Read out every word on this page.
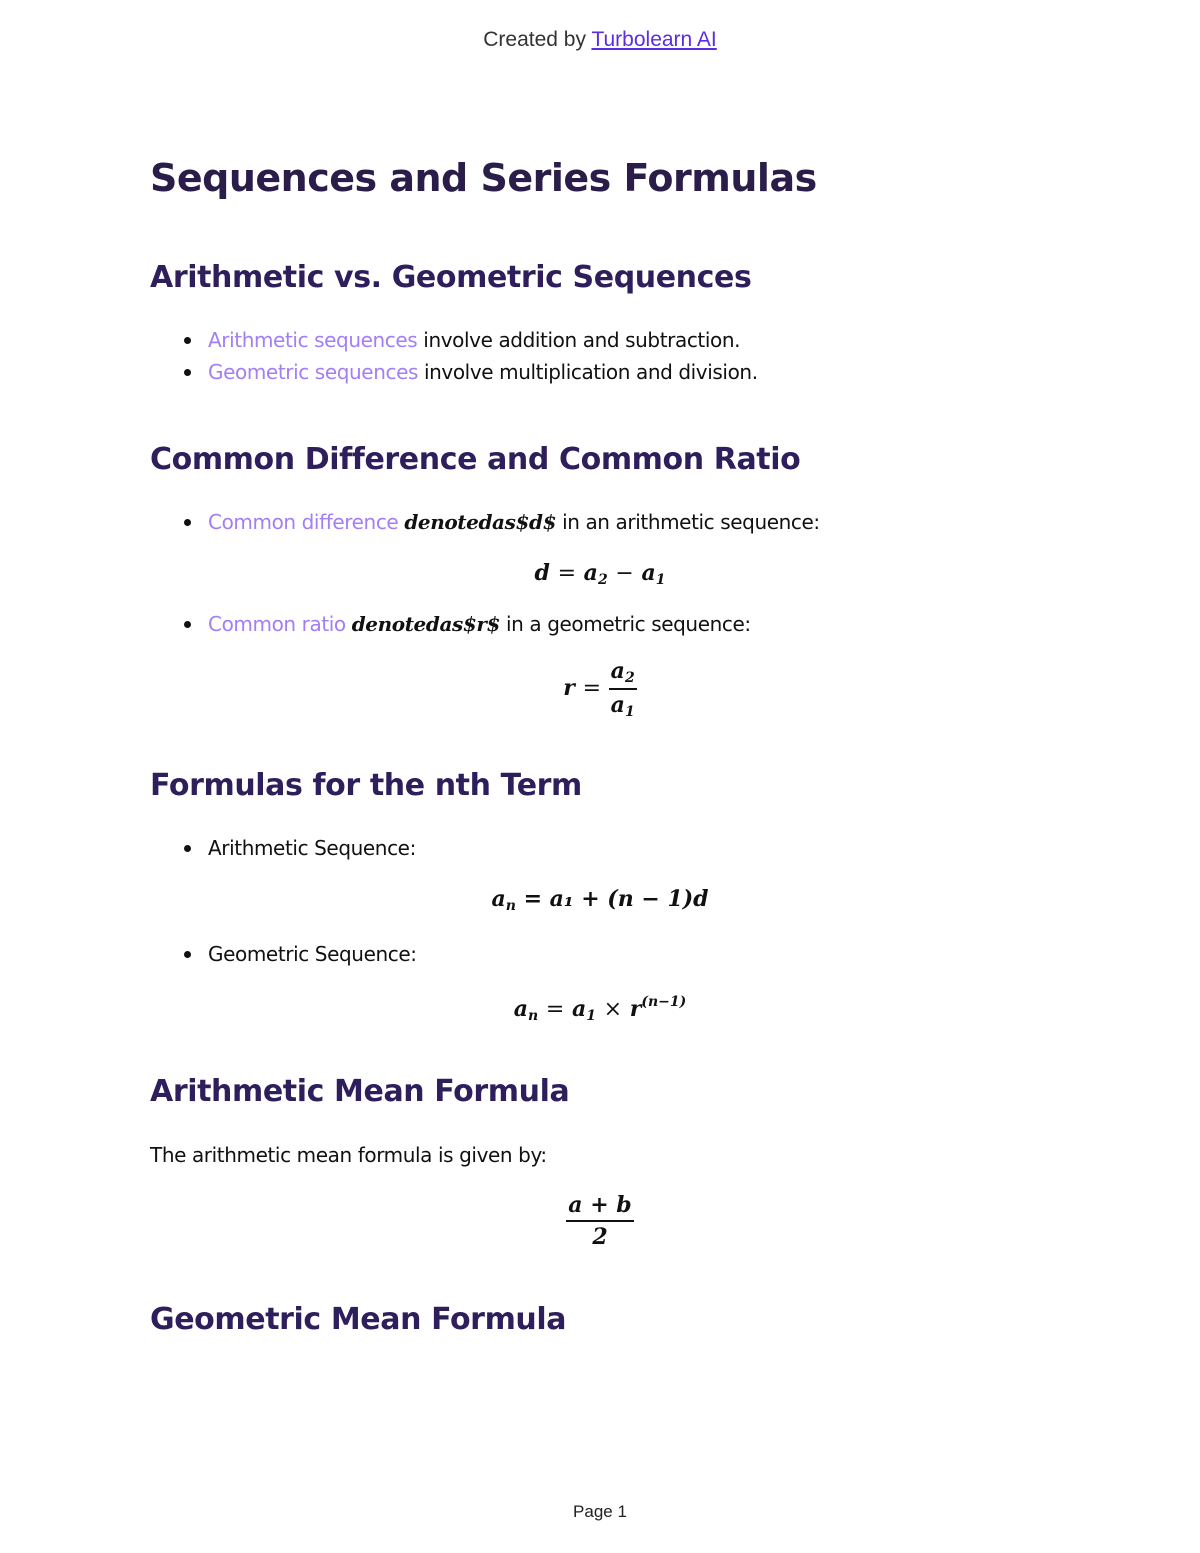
Created by Turbolearn AI
Sequences and Series Formulas
Arithmetic vs. Geometric Sequences
Arithmetic sequences involve addition and subtraction.
Geometric sequences involve multiplication and division.
Common Difference and Common Ratio
Common difference denotedas$d$ in an arithmetic sequence:
$d = a_2 - a_1$
Common ratio denotedas$r$ in a geometric sequence:
$r = \frac{a_2}{a_1}$
Formulas for the nth Term
Arithmetic Sequence:
$a_n = a_1 + (n - 1)d$
Geometric Sequence:
$a_n = a_1 \times r^{(n-1)}$
Arithmetic Mean Formula
The arithmetic mean formula is given by:
$\frac{a + b}{2}$
Geometric Mean Formula
Page 1
